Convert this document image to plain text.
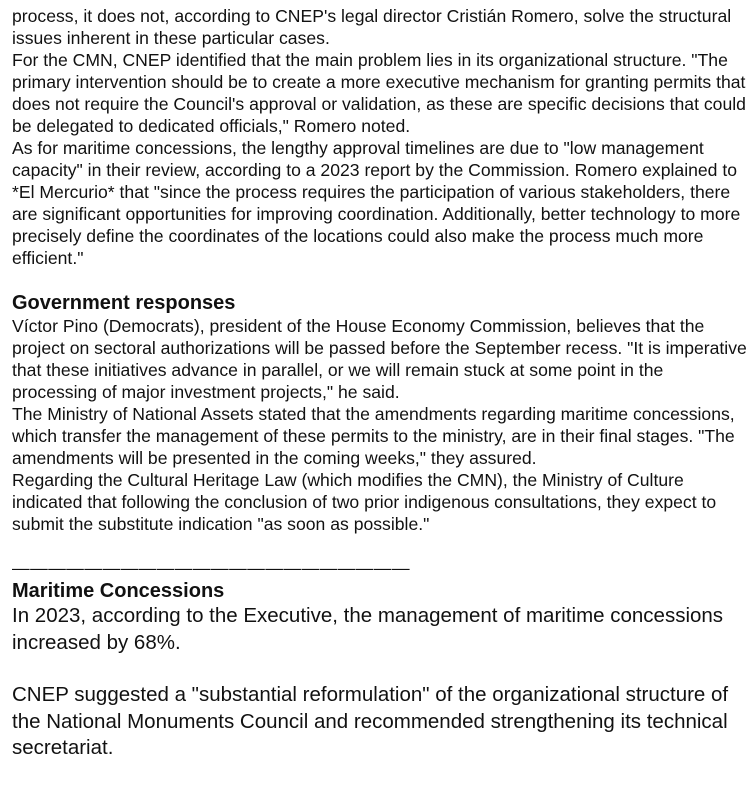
process, it does not, according to CNEP's legal director Cristián Romero, solve the structural issues inherent in these particular cases.

For the CMN, CNEP identified that the main problem lies in its organizational structure. "The primary intervention should be to create a more executive mechanism for granting permits that does not require the Council's approval or validation, as these are specific decisions that could be delegated to dedicated officials," Romero noted.

As for maritime concessions, the lengthy approval timelines are due to "low management capacity" in their review, according to a 2023 report by the Commission. Romero explained to *El Mercurio* that "since the process requires the participation of various stakeholders, there are significant opportunities for improving coordination. Additionally, better technology to more precisely define the coordinates of the locations could also make the process much more efficient."

Government responses

Víctor Pino (Democrats), president of the House Economy Commission, believes that the project on sectoral authorizations will be passed before the September recess. "It is imperative that these initiatives advance in parallel, or we will remain stuck at some point in the processing of major investment projects," he said.

The Ministry of National Assets stated that the amendments regarding maritime concessions, which transfer the management of these permits to the ministry, are in their final stages. "The amendments will be presented in the coming weeks," they assured.

Regarding the Cultural Heritage Law (which modifies the CMN), the Ministry of Culture indicated that following the conclusion of two prior indigenous consultations, they expect to submit the substitute indication "as soon as possible."

——————————————————————
Maritime Concessions

In 2023, according to the Executive, the management of maritime concessions increased by 68%.

CNEP suggested a "substantial reformulation" of the organizational structure of the National Monuments Council and recommended strengthening its technical secretariat.
